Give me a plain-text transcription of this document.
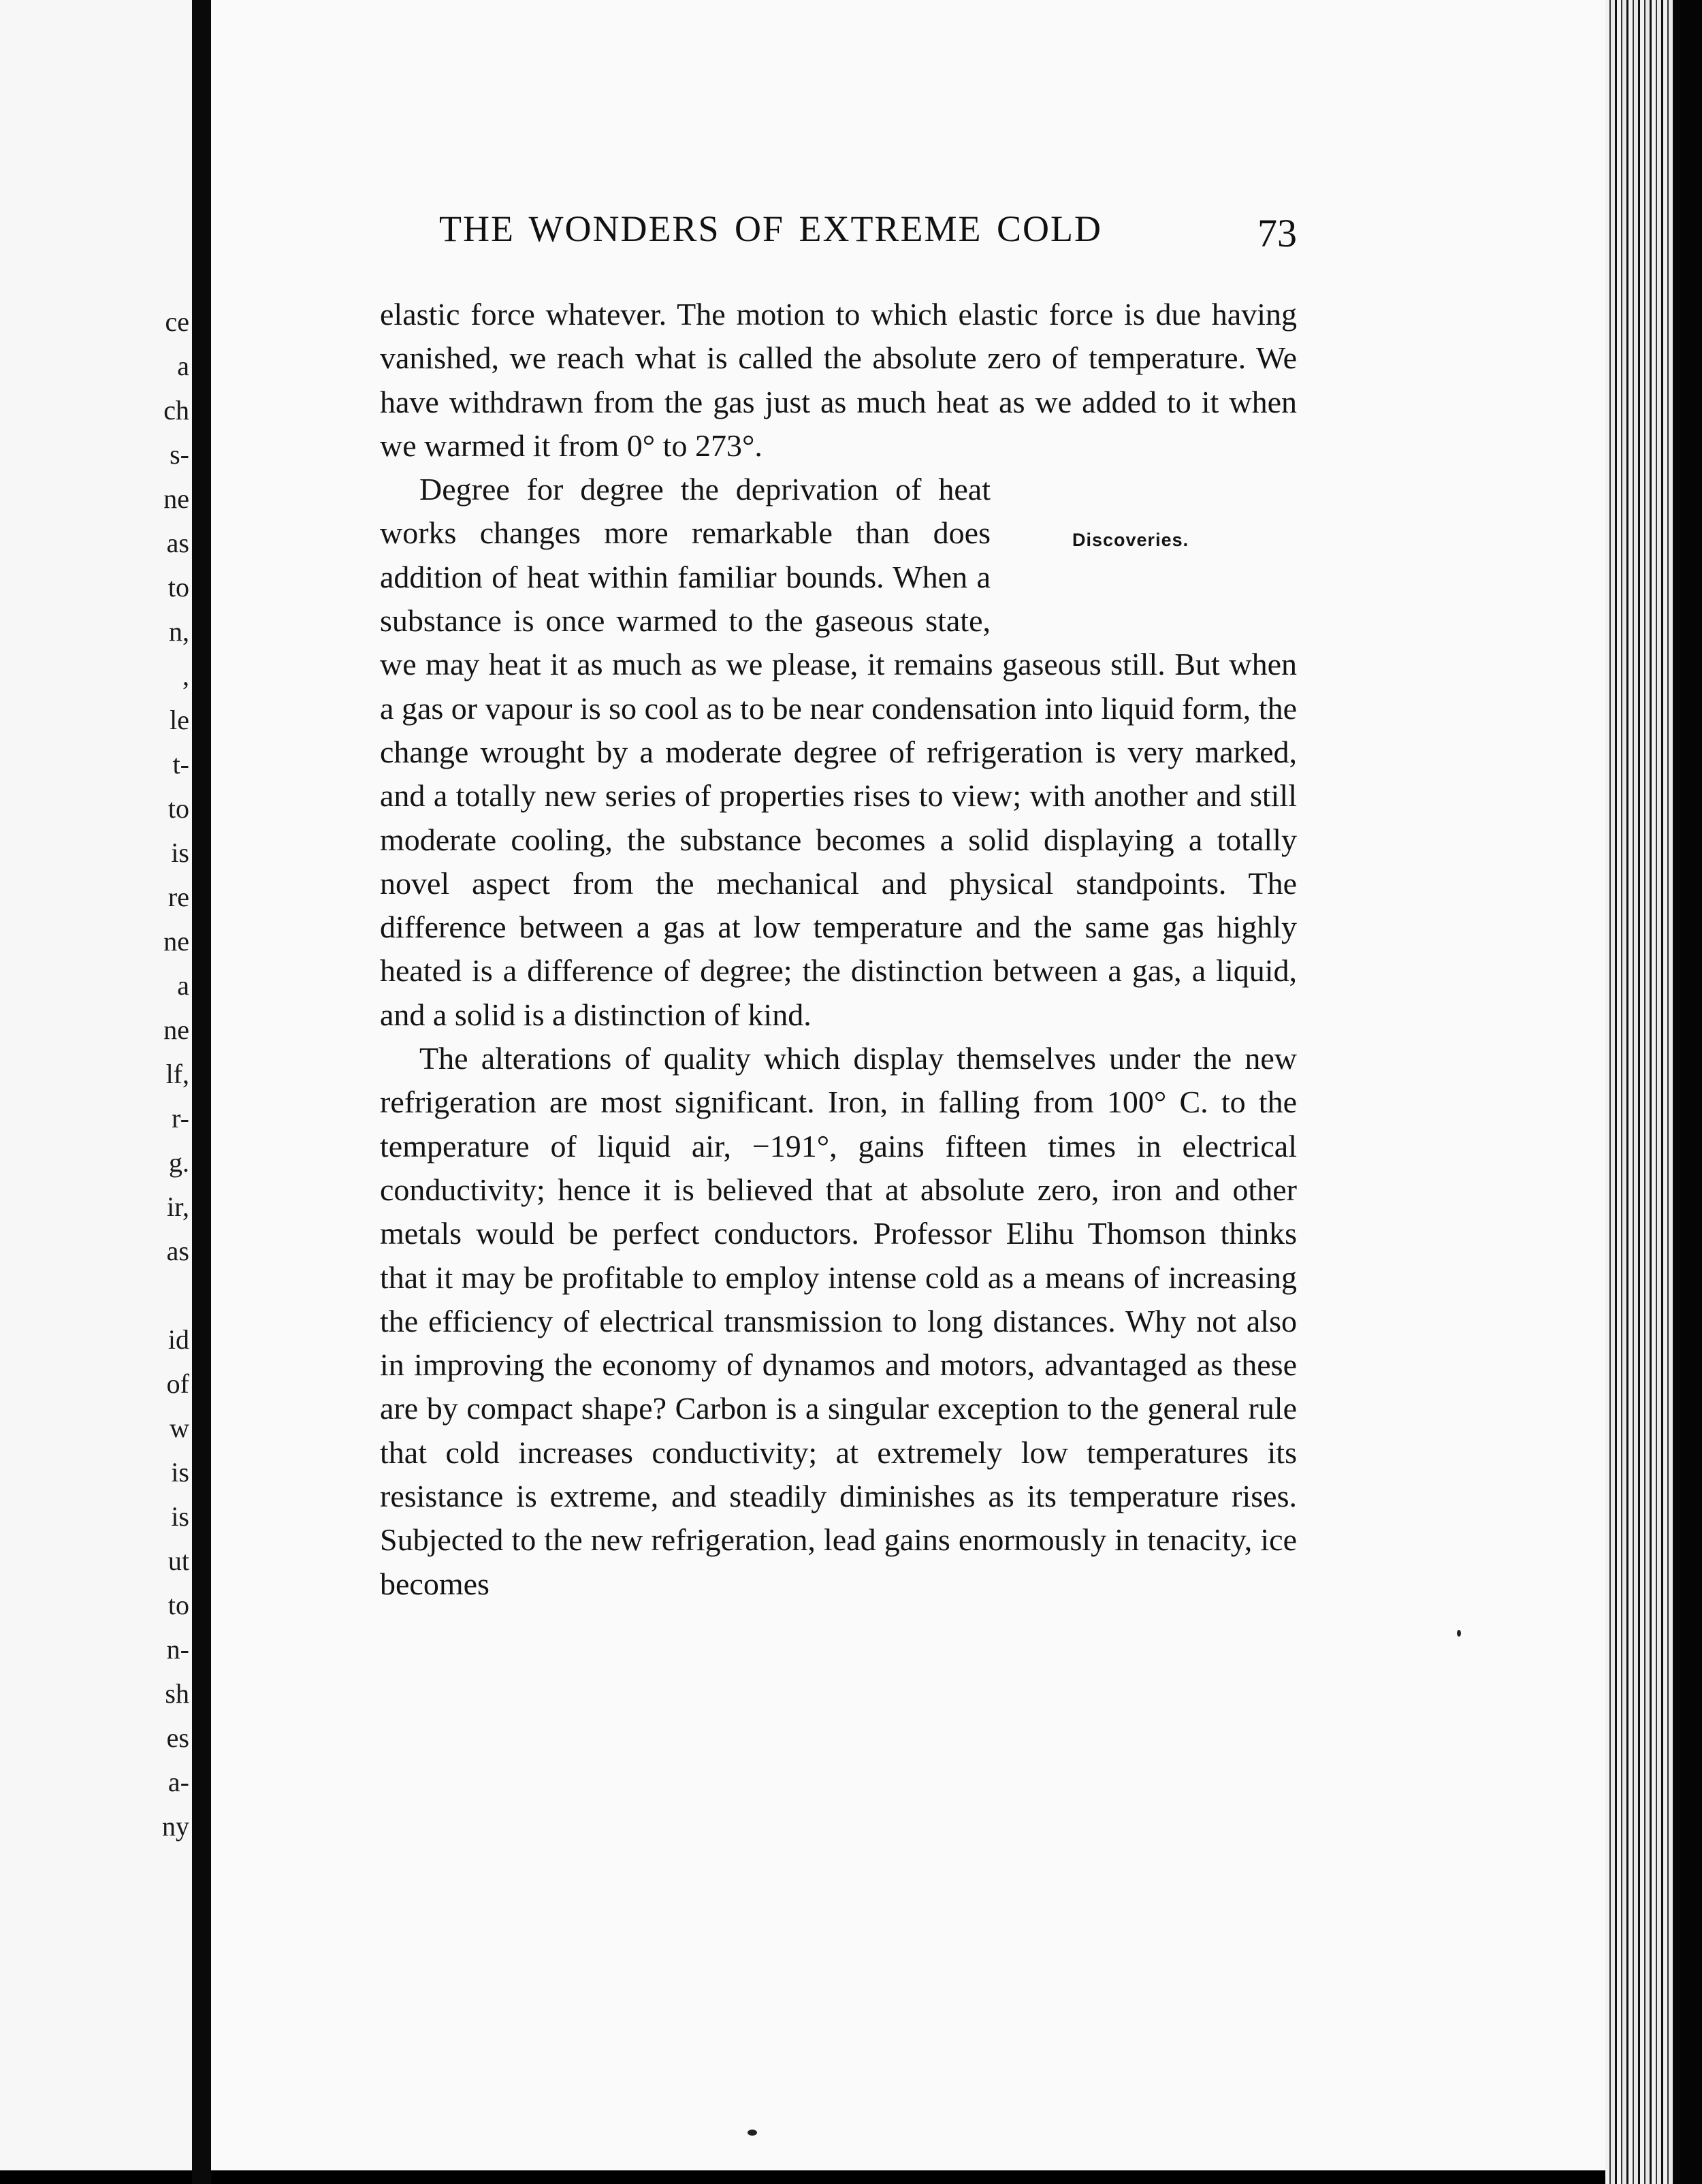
ce
a
ch
s-
ne
as
to
n,
,
le
t-
to
is
re
ne
a
ne
lf,
r-
g.
ir,
as

id
of
w
is
is
ut
to
n-
sh
es
a-
ny
THE WONDERS OF EXTREME COLD	73

elastic force whatever. The motion to which elastic force is due having vanished, we reach what is called the absolute zero of temperature. We have withdrawn from the gas just as much heat as we added to it when we warmed it from 0° to 273°.

Discoveries.
Degree for degree the deprivation of heat works changes more remarkable than does addition of heat within familiar bounds. When a substance is once warmed to the gaseous state, we may heat it as much as we please, it remains gaseous still. But when a gas or vapour is so cool as to be near condensation into liquid form, the change wrought by a moderate degree of refrigeration is very marked, and a totally new series of properties rises to view; with another and still moderate cooling, the substance becomes a solid displaying a totally novel aspect from the mechanical and physical standpoints. The difference between a gas at low temperature and the same gas highly heated is a difference of degree; the distinction between a gas, a liquid, and a solid is a distinction of kind.

The alterations of quality which display themselves under the new refrigeration are most significant. Iron, in falling from 100° C. to the temperature of liquid air, −191°, gains fifteen times in electrical conductivity; hence it is believed that at absolute zero, iron and other metals would be perfect conductors. Professor Elihu Thomson thinks that it may be profitable to employ intense cold as a means of increasing the efficiency of electrical transmission to long distances. Why not also in improving the economy of dynamos and motors, advantaged as these are by compact shape? Carbon is a singular exception to the general rule that cold increases conductivity; at extremely low temperatures its resistance is extreme, and steadily diminishes as its temperature rises. Subjected to the new refrigeration, lead gains enormously in tenacity, ice becomes
